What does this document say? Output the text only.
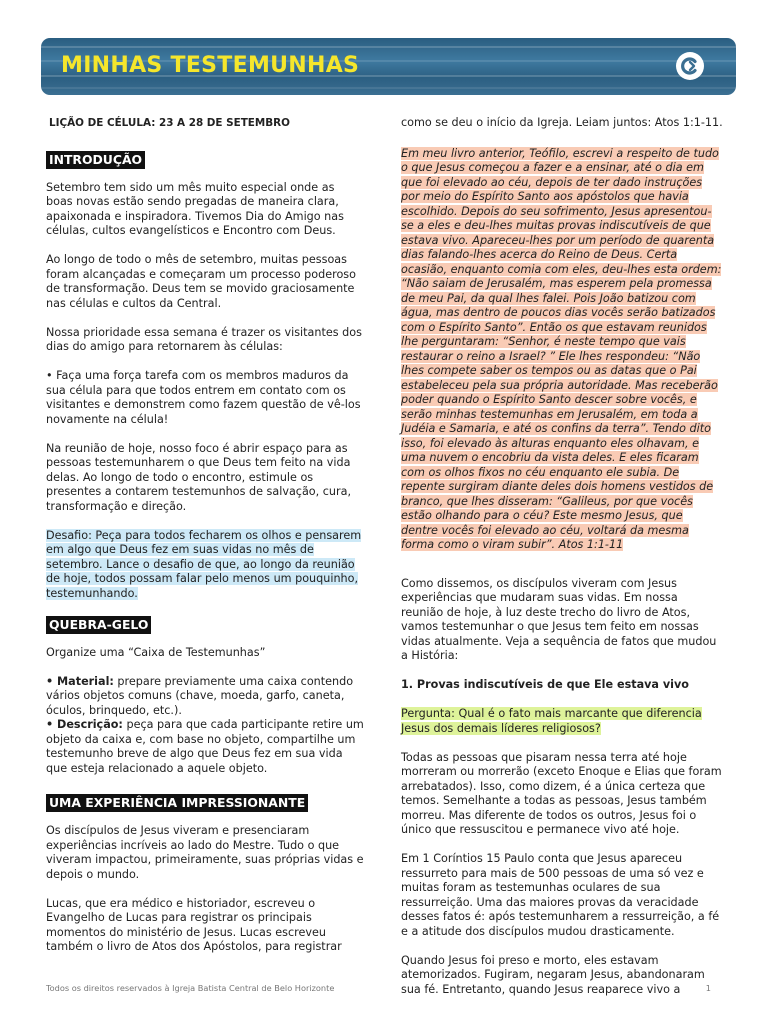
MINHAS TESTEMUNHAS
LIÇÃO DE CÉLULA: 23 A 28 DE SETEMBRO
INTRODUÇÃO

Setembro tem sido um mês muito especial onde as boas novas estão sendo pregadas de maneira clara, apaixonada e inspiradora. Tivemos Dia do Amigo nas células, cultos evangelísticos e Encontro com Deus.

Ao longo de todo o mês de setembro, muitas pessoas foram alcançadas e começaram um processo poderoso de transformação. Deus tem se movido graciosamente nas células e cultos da Central.

Nossa prioridade essa semana é trazer os visitantes dos dias do amigo para retornarem às células:

• Faça uma força tarefa com os membros maduros da sua célula para que todos entrem em contato com os visitantes e demonstrem como fazem questão de vê-los novamente na célula!

Na reunião de hoje, nosso foco é abrir espaço para as pessoas testemunharem o que Deus tem feito na vida delas. Ao longo de todo o encontro, estimule os presentes a contarem testemunhos de salvação, cura, transformação e direção.

Desafio: Peça para todos fecharem os olhos e pensarem em algo que Deus fez em suas vidas no mês de setembro. Lance o desafio de que, ao longo da reunião de hoje, todos possam falar pelo menos um pouquinho, testemunhando.

QUEBRA-GELO

Organize uma “Caixa de Testemunhas”

• Material: prepare previamente uma caixa contendo vários objetos comuns (chave, moeda, garfo, caneta, óculos, brinquedo, etc.).
• Descrição: peça para que cada participante retire um objeto da caixa e, com base no objeto, compartilhe um testemunho breve de algo que Deus fez em sua vida que esteja relacionado a aquele objeto.

UMA EXPERIÊNCIA IMPRESSIONANTE

Os discípulos de Jesus viveram e presenciaram experiências incríveis ao lado do Mestre. Tudo o que viveram impactou, primeiramente, suas próprias vidas e depois o mundo.

Lucas, que era médico e historiador, escreveu o Evangelho de Lucas para registrar os principais momentos do ministério de Jesus. Lucas escreveu também o livro de Atos dos Apóstolos, para registrar

como se deu o início da Igreja. Leiam juntos: Atos 1:1-11.

Em meu livro anterior, Teófilo, escrevi a respeito de tudo o que Jesus começou a fazer e a ensinar, até o dia em que foi elevado ao céu, depois de ter dado instruções por meio do Espírito Santo aos apóstolos que havia escolhido. Depois do seu sofrimento, Jesus apresentou-se a eles e deu-lhes muitas provas indiscutíveis de que estava vivo. Apareceu-lhes por um período de quarenta dias falando-lhes acerca do Reino de Deus. Certa ocasião, enquanto comia com eles, deu-lhes esta ordem: “Não saiam de Jerusalém, mas esperem pela promessa de meu Pai, da qual lhes falei. Pois João batizou com água, mas dentro de poucos dias vocês serão batizados com o Espírito Santo”. Então os que estavam reunidos lhe perguntaram: “Senhor, é neste tempo que vais restaurar o reino a Israel? ” Ele lhes respondeu: “Não lhes compete saber os tempos ou as datas que o Pai estabeleceu pela sua própria autoridade. Mas receberão poder quando o Espírito Santo descer sobre vocês, e serão minhas testemunhas em Jerusalém, em toda a Judéia e Samaria, e até os confins da terra”. Tendo dito isso, foi elevado às alturas enquanto eles olhavam, e uma nuvem o encobriu da vista deles. E eles ficaram com os olhos fixos no céu enquanto ele subia. De repente surgiram diante deles dois homens vestidos de branco, que lhes disseram: “Galileus, por que vocês estão olhando para o céu? Este mesmo Jesus, que dentre vocês foi elevado ao céu, voltará da mesma forma como o viram subir”. Atos 1:1-11

Como dissemos, os discípulos viveram com Jesus experiências que mudaram suas vidas. Em nossa reunião de hoje, à luz deste trecho do livro de Atos, vamos testemunhar o que Jesus tem feito em nossas vidas atualmente. Veja a sequência de fatos que mudou a História:

1. Provas indiscutíveis de que Ele estava vivo

Pergunta: Qual é o fato mais marcante que diferencia Jesus dos demais líderes religiosos?

Todas as pessoas que pisaram nessa terra até hoje morreram ou morrerão (exceto Enoque e Elias que foram arrebatados). Isso, como dizem, é a única certeza que temos. Semelhante a todas as pessoas, Jesus também morreu. Mas diferente de todos os outros, Jesus foi o único que ressuscitou e permanece vivo até hoje.

Em 1 Coríntios 15 Paulo conta que Jesus apareceu ressurreto para mais de 500 pessoas de uma só vez e muitas foram as testemunhas oculares de sua ressurreição. Uma das maiores provas da veracidade desses fatos é: após testemunharem a ressurreição, a fé e a atitude dos discípulos mudou drasticamente.

Quando Jesus foi preso e morto, eles estavam atemorizados. Fugiram, negaram Jesus, abandonaram sua fé. Entretanto, quando Jesus reaparece vivo a

Todos os direitos reservados à Igreja Batista Central de Belo Horizonte	1
